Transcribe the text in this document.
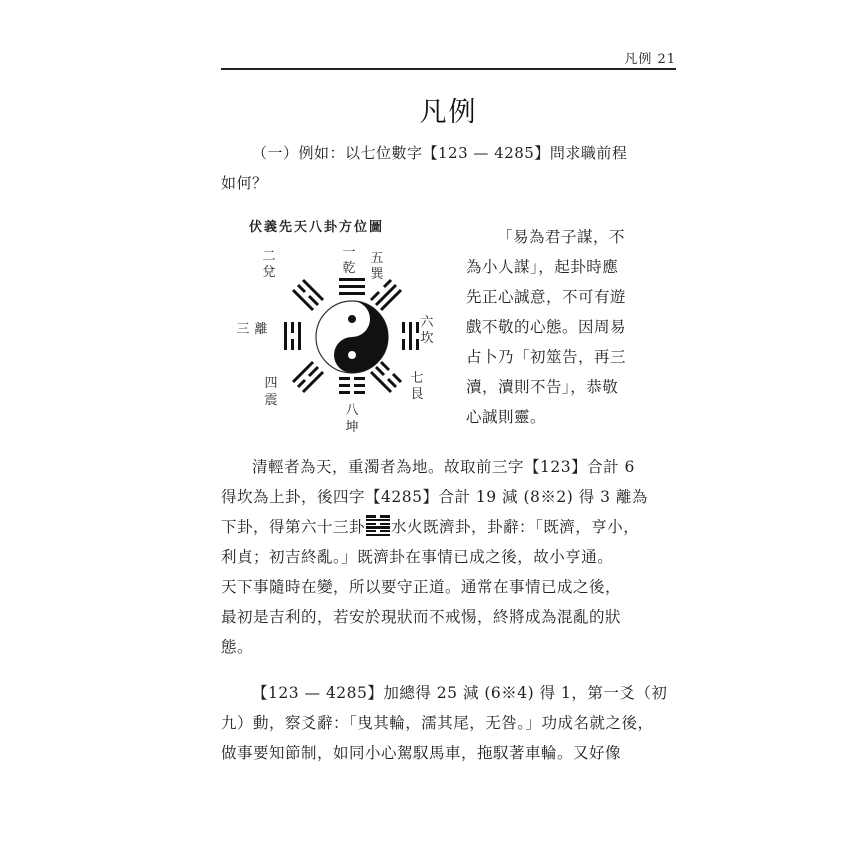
凡例 21
凡例
（一）例如：以七位數字【123 — 4285】問求職前程
如何？
一
乾
二
兌
五
巽
三 離	六
坎
四
震
七
艮
八
坤
伏義先天八卦方位圖
「易為君子謀，不
為小人謀」，起卦時應
先正心誠意，不可有遊
戲不敬的心態。因周易
占卜乃「初筮告，再三
瀆，瀆則不告」，恭敬
心誠則靈。
清輕者為天，重濁者為地。故取前三字【123】合計 6
得坎為上卦，後四字【4285】合計 19 減 (8※2) 得 3 離為
下卦，得第六十三卦 水火既濟卦，卦辭：「既濟，亨小，
利貞；初吉終亂。」既濟卦在事情已成之後，故小亨通。
天下事隨時在變，所以要守正道。通常在事情已成之後，
最初是吉利的，若安於現狀而不戒惕，終將成為混亂的狀
態。
【123 — 4285】加總得 25 減 (6※4) 得 1，第一爻（初
九）動，察爻辭：「曳其輪，濡其尾，无咎。」功成名就之後，
做事要知節制，如同小心駕馭馬車，拖馭著車輪。又好像
